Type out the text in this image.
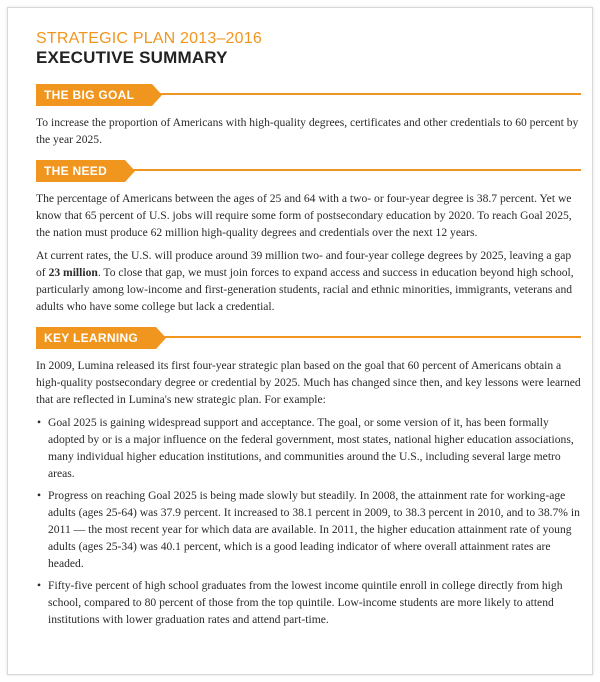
STRATEGIC PLAN 2013–2016
EXECUTIVE SUMMARY
THE BIG GOAL

To increase the proportion of Americans with high-quality degrees, certificates and other credentials to 60 percent by the year 2025.

THE NEED

The percentage of Americans between the ages of 25 and 64 with a two- or four-year degree is 38.7 percent. Yet we know that 65 percent of U.S. jobs will require some form of postsecondary education by 2020. To reach Goal 2025, the nation must produce 62 million high-quality degrees and credentials over the next 12 years.

At current rates, the U.S. will produce around 39 million two- and four-year college degrees by 2025, leaving a gap of 23 million. To close that gap, we must join forces to expand access and success in education beyond high school, particularly among low-income and first-generation students, racial and ethnic minorities, immigrants, veterans and adults who have some college but lack a credential.

KEY LEARNING

In 2009, Lumina released its first four-year strategic plan based on the goal that 60 percent of Americans obtain a high-quality postsecondary degree or credential by 2025. Much has changed since then, and key lessons were learned that are reflected in Lumina's new strategic plan. For example:

• Goal 2025 is gaining widespread support and acceptance. The goal, or some version of it, has been formally adopted by or is a major influence on the federal government, most states, national higher education associations, many individual higher education institutions, and communities around the U.S., including several large metro areas.

• Progress on reaching Goal 2025 is being made slowly but steadily. In 2008, the attainment rate for working-age adults (ages 25-64) was 37.9 percent. It increased to 38.1 percent in 2009, to 38.3 percent in 2010, and to 38.7% in 2011 — the most recent year for which data are available. In 2011, the higher education attainment rate of young adults (ages 25-34) was 40.1 percent, which is a good leading indicator of where overall attainment rates are headed.

• Fifty-five percent of high school graduates from the lowest income quintile enroll in college directly from high school, compared to 80 percent of those from the top quintile. Low-income students are more likely to attend institutions with lower graduation rates and attend part-time.
